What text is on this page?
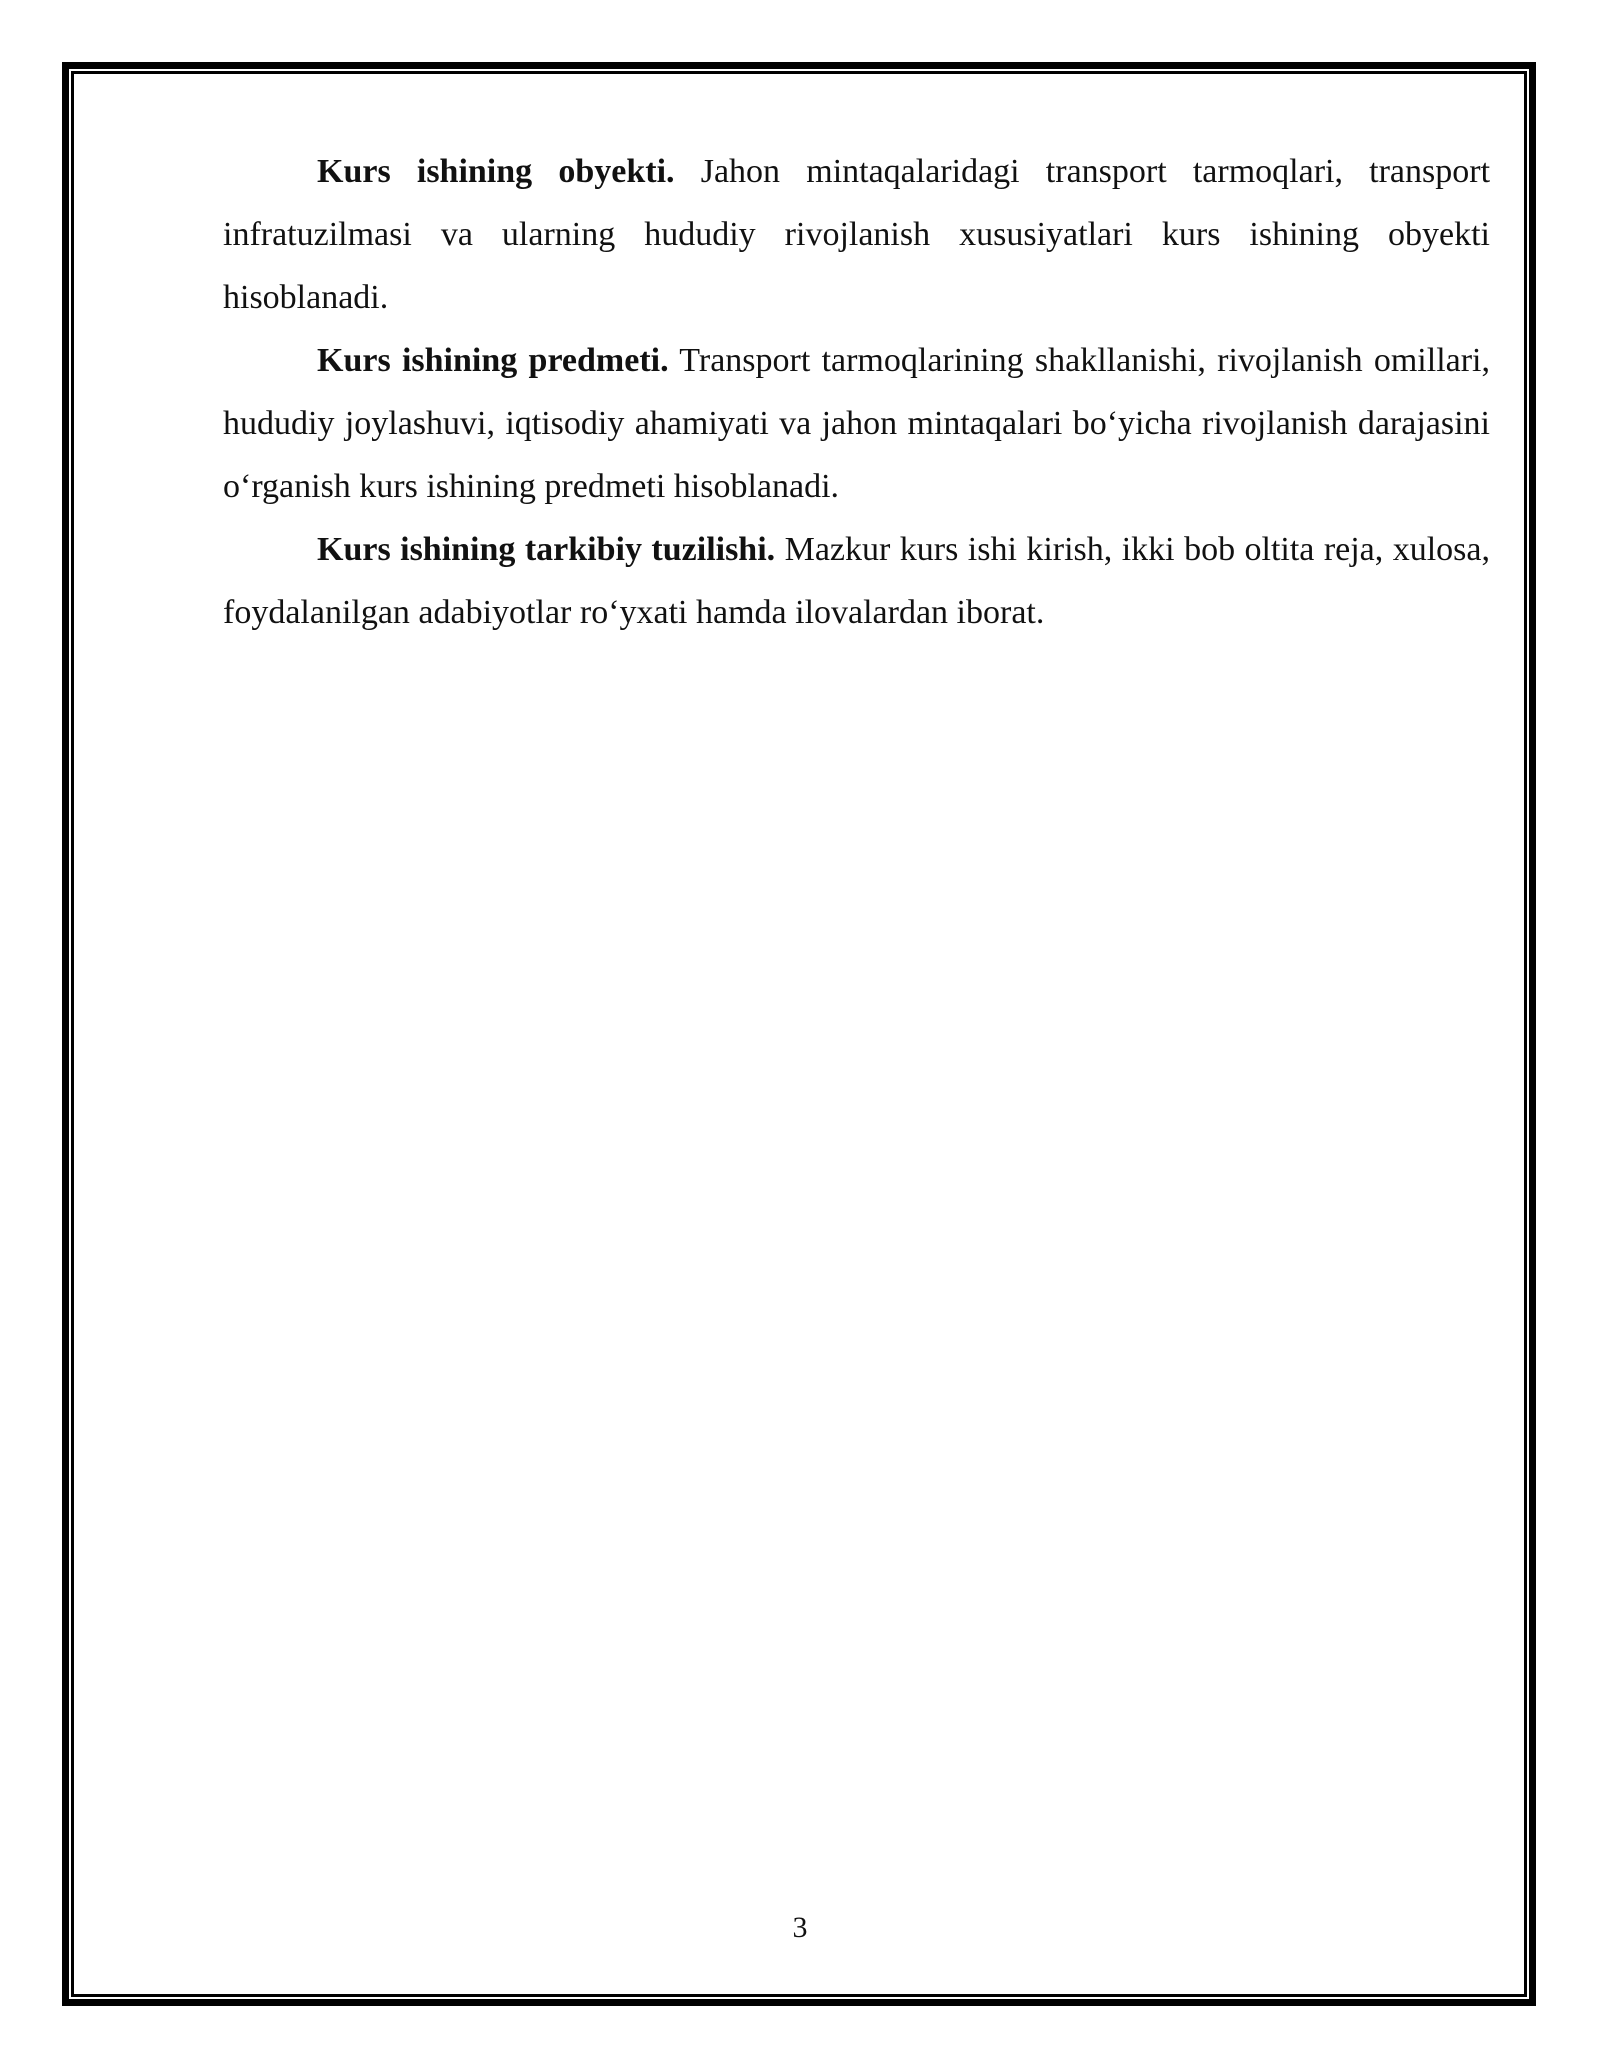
Kurs ishining obyekti. Jahon mintaqalaridagi transport tarmoqlari, transport infratuzilmasi va ularning hududiy rivojlanish xususiyatlari kurs ishining obyekti hisoblanadi.

Kurs ishining predmeti. Transport tarmoqlarining shakllanishi, rivojlanish omillari, hududiy joylashuvi, iqtisodiy ahamiyati va jahon mintaqalari bo‘yicha rivojlanish darajasini o‘rganish kurs ishining predmeti hisoblanadi.

Kurs ishining tarkibiy tuzilishi. Mazkur kurs ishi kirish, ikki bob oltita reja, xulosa, foydalanilgan adabiyotlar ro‘yxati hamda ilovalardan iborat.

3
